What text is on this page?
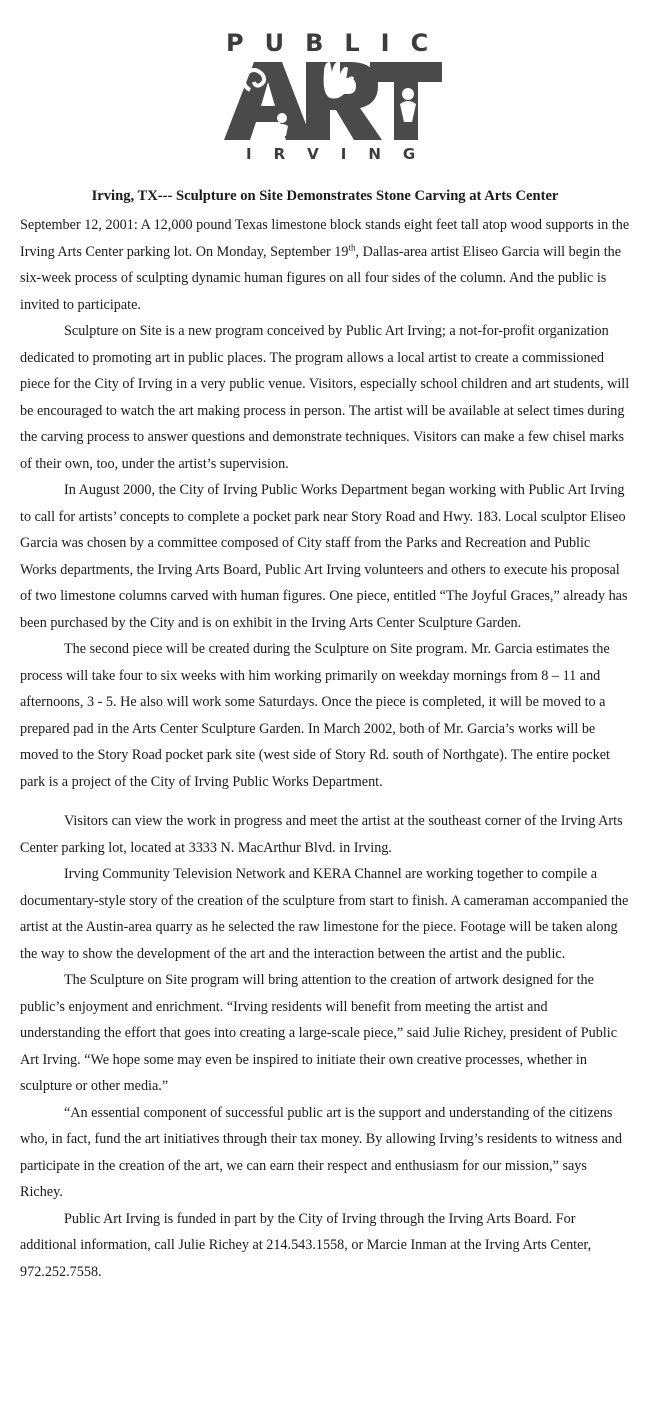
PUBLIC
IRVING
Irving, TX--- Sculpture on Site Demonstrates Stone Carving at Arts Center

September 12, 2001: A 12,000 pound Texas limestone block stands eight feet tall atop wood supports in the Irving Arts Center parking lot. On Monday, September 19th, Dallas-area artist Eliseo Garcia will begin the six-week process of sculpting dynamic human figures on all four sides of the column. And the public is invited to participate.

Sculpture on Site is a new program conceived by Public Art Irving; a not-for-profit organization dedicated to promoting art in public places. The program allows a local artist to create a commissioned piece for the City of Irving in a very public venue. Visitors, especially school children and art students, will be encouraged to watch the art making process in person. The artist will be available at select times during the carving process to answer questions and demonstrate techniques. Visitors can make a few chisel marks of their own, too, under the artist’s supervision.

In August 2000, the City of Irving Public Works Department began working with Public Art Irving to call for artists’ concepts to complete a pocket park near Story Road and Hwy. 183. Local sculptor Eliseo Garcia was chosen by a committee composed of City staff from the Parks and Recreation and Public Works departments, the Irving Arts Board, Public Art Irving volunteers and others to execute his proposal of two limestone columns carved with human figures. One piece, entitled “The Joyful Graces,” already has been purchased by the City and is on exhibit in the Irving Arts Center Sculpture Garden.

The second piece will be created during the Sculpture on Site program. Mr. Garcia estimates the process will take four to six weeks with him working primarily on weekday mornings from 8 – 11 and afternoons, 3 - 5. He also will work some Saturdays. Once the piece is completed, it will be moved to a prepared pad in the Arts Center Sculpture Garden. In March 2002, both of Mr. Garcia’s works will be moved to the Story Road pocket park site (west side of Story Rd. south of Northgate). The entire pocket park is a project of the City of Irving Public Works Department.

Visitors can view the work in progress and meet the artist at the southeast corner of the Irving Arts Center parking lot, located at 3333 N. MacArthur Blvd. in Irving.

Irving Community Television Network and KERA Channel are working together to compile a documentary-style story of the creation of the sculpture from start to finish. A cameraman accompanied the artist at the Austin-area quarry as he selected the raw limestone for the piece. Footage will be taken along the way to show the development of the art and the interaction between the artist and the public.

The Sculpture on Site program will bring attention to the creation of artwork designed for the public’s enjoyment and enrichment. “Irving residents will benefit from meeting the artist and understanding the effort that goes into creating a large-scale piece,” said Julie Richey, president of Public Art Irving. “We hope some may even be inspired to initiate their own creative processes, whether in sculpture or other media.”

“An essential component of successful public art is the support and understanding of the citizens who, in fact, fund the art initiatives through their tax money. By allowing Irving’s residents to witness and participate in the creation of the art, we can earn their respect and enthusiasm for our mission,” says Richey.

Public Art Irving is funded in part by the City of Irving through the Irving Arts Board. For additional information, call Julie Richey at 214.543.1558, or Marcie Inman at the Irving Arts Center, 972.252.7558.
